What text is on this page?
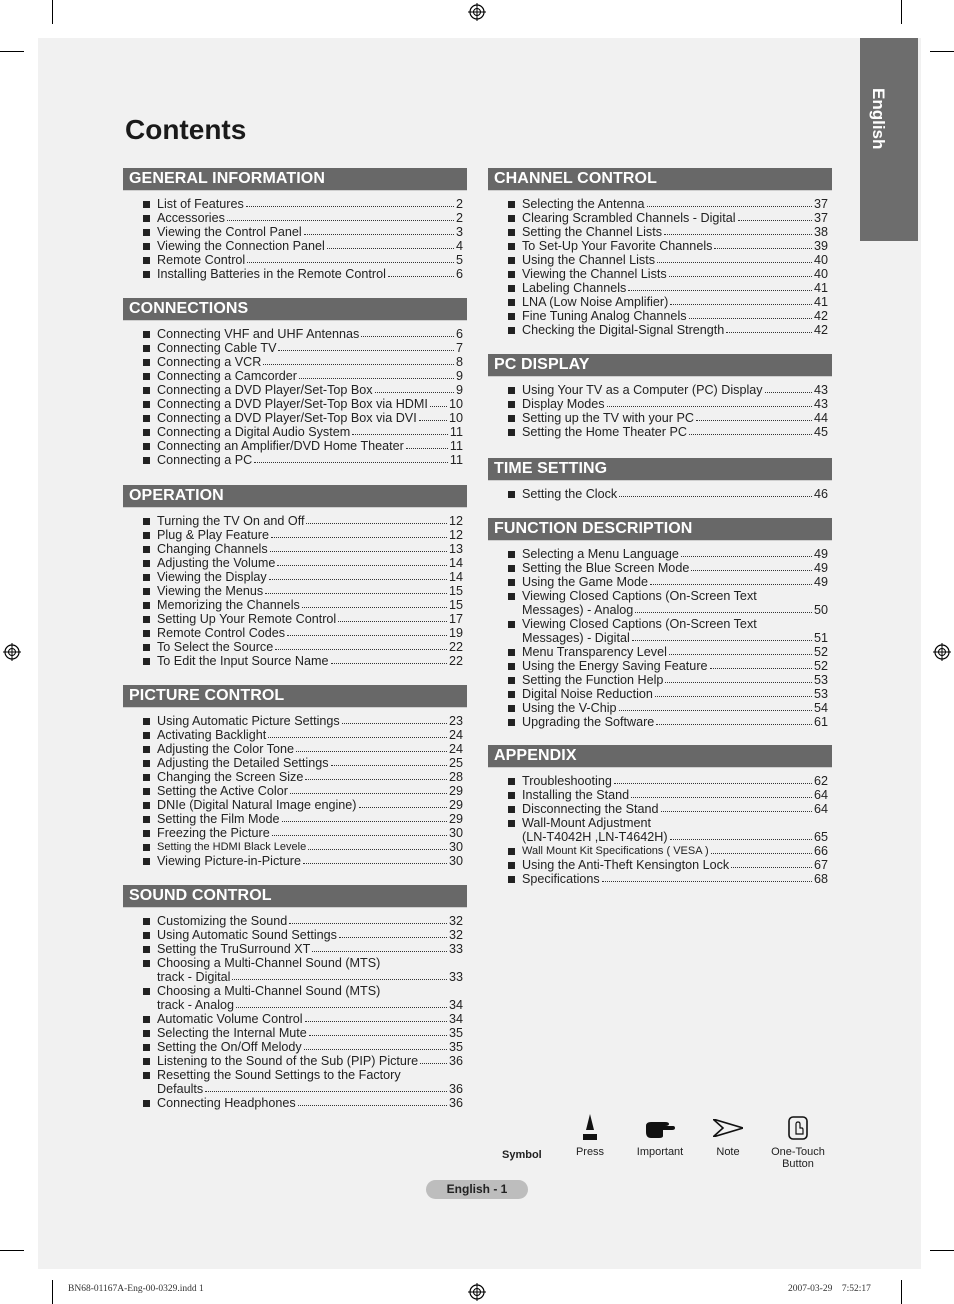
English
Contents
GENERAL INFORMATION
List of Features	2
Accessories	2
Viewing the Control Panel	3
Viewing the Connection Panel	4
Remote Control	5
Installing Batteries in the Remote Control	6
CONNECTIONS
Connecting VHF and UHF Antennas	6
Connecting Cable TV	7
Connecting a VCR	8
Connecting a Camcorder	9
Connecting a DVD Player/Set-Top Box	9
Connecting a DVD Player/Set-Top Box via HDMI 10
Connecting a DVD Player/Set-Top Box via DVI	10
Connecting a Digital Audio System	11
Connecting an Amplifier/DVD Home Theater	11
Connecting a PC	11
OPERATION
Turning the TV On and Off	12
Plug & Play Feature	12
Changing Channels	13
Adjusting the Volume	14
Viewing the Display	14
Viewing the Menus	15
Memorizing the Channels	15
Setting Up Your Remote Control	17
Remote Control Codes	19
To Select the Source	22
To Edit the Input Source Name	22
PICTURE CONTROL
Using Automatic Picture Settings	23
Activating Backlight	24
Adjusting the Color Tone	24
Adjusting the Detailed Settings	25
Changing the Screen Size	28
Setting the Active Color	29
DNIe (Digital Natural Image engine)	29
Setting the Film Mode	29
Freezing the Picture	30
Setting the HDMI Black Levele	30
Viewing Picture-in-Picture	30
SOUND CONTROL
Customizing the Sound	32
Using Automatic Sound Settings	32
Setting the TruSurround XT	33
Choosing a Multi-Channel Sound (MTS)
track - Digital	33
Choosing a Multi-Channel Sound (MTS)
track - Analog	34
Automatic Volume Control	34
Selecting the Internal Mute	35
Setting the On/Off Melody	35
Listening to the Sound of the Sub (PIP) Picture 36
Resetting the Sound Settings to the Factory
Defaults	36
Connecting Headphones	36
CHANNEL CONTROL
Selecting the Antenna	37
Clearing Scrambled Channels - Digital	37
Setting the Channel Lists	38
To Set-Up Your Favorite Channels	39
Using the Channel Lists	40
Viewing the Channel Lists	40
Labeling Channels	41
LNA (Low Noise Amplifier)	41
Fine Tuning Analog Channels	42
Checking the Digital-Signal Strength	42
PC DISPLAY
Using Your TV as a Computer (PC) Display	43
Display Modes	43
Setting up the TV with your PC	44
Setting the Home Theater PC	45
TIME SETTING
Setting the Clock	46
FUNCTION DESCRIPTION
Selecting a Menu Language	49
Setting the Blue Screen Mode	49
Using the Game Mode	49
Viewing Closed Captions (On-Screen Text
Messages) - Analog	50
Viewing Closed Captions (On-Screen Text
Messages) - Digital	51
Menu Transparency Level	52
Using the Energy Saving Feature	52
Setting the Function Help	53
Digital Noise Reduction	53
Using the V-Chip	54
Upgrading the Software	61
APPENDIX
Troubleshooting	62
Installing the Stand	64
Disconnecting the Stand	64
Wall-Mount Adjustment
(LN-T4042H ,LN-T4642H)	65
Wall Mount Kit Specifications ( VESA )	66
Using the Anti-Theft Kensington Lock	67
Specifications	68
Symbol	Press	Important	Note	One-Touch Button
English - 1
BN68-01167A-Eng-00-0329.indd 1	2007-03-29    7:52:17
